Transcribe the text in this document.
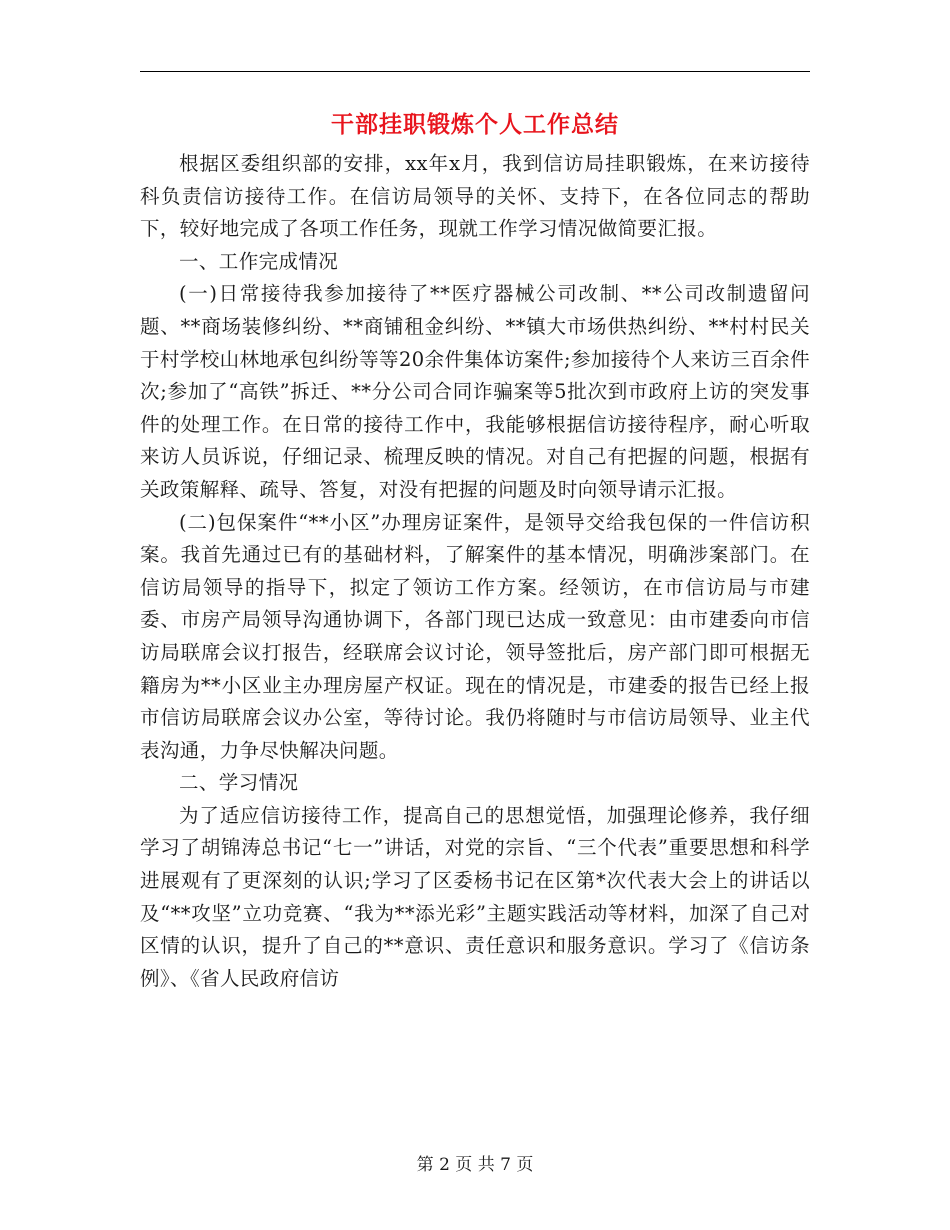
干部挂职锻炼个人工作总结

根据区委组织部的安排，xx年x月，我到信访局挂职锻炼，在来访接待科负责信访接待工作。在信访局领导的关怀、支持下，在各位同志的帮助下，较好地完成了各项工作任务，现就工作学习情况做简要汇报。

一、工作完成情况

(一)日常接待我参加接待了**医疗器械公司改制、**公司改制遗留问题、**商场装修纠纷、**商铺租金纠纷、**镇大市场供热纠纷、**村村民关于村学校山林地承包纠纷等等20余件集体访案件;参加接待个人来访三百余件次;参加了“高铁”拆迁、**分公司合同诈骗案等5批次到市政府上访的突发事件的处理工作。在日常的接待工作中，我能够根据信访接待程序，耐心听取来访人员诉说，仔细记录、梳理反映的情况。对自己有把握的问题，根据有关政策解释、疏导、答复，对没有把握的问题及时向领导请示汇报。

(二)包保案件“**小区”办理房证案件，是领导交给我包保的一件信访积案。我首先通过已有的基础材料，了解案件的基本情况，明确涉案部门。在信访局领导的指导下，拟定了领访工作方案。经领访，在市信访局与市建委、市房产局领导沟通协调下，各部门现已达成一致意见：由市建委向市信访局联席会议打报告，经联席会议讨论，领导签批后，房产部门即可根据无籍房为**小区业主办理房屋产权证。现在的情况是，市建委的报告已经上报市信访局联席会议办公室，等待讨论。我仍将随时与市信访局领导、业主代表沟通，力争尽快解决问题。

二、学习情况

为了适应信访接待工作，提高自己的思想觉悟，加强理论修养，我仔细学习了胡锦涛总书记“七一”讲话，对党的宗旨、“三个代表”重要思想和科学进展观有了更深刻的认识;学习了区委杨书记在区第*次代表大会上的讲话以及“**攻坚”立功竞赛、“我为**添光彩”主题实践活动等材料，加深了自己对区情的认识，提升了自己的**意识、责任意识和服务意识。学习了《信访条例》、《省人民政府信访

第 2 页 共 7 页
